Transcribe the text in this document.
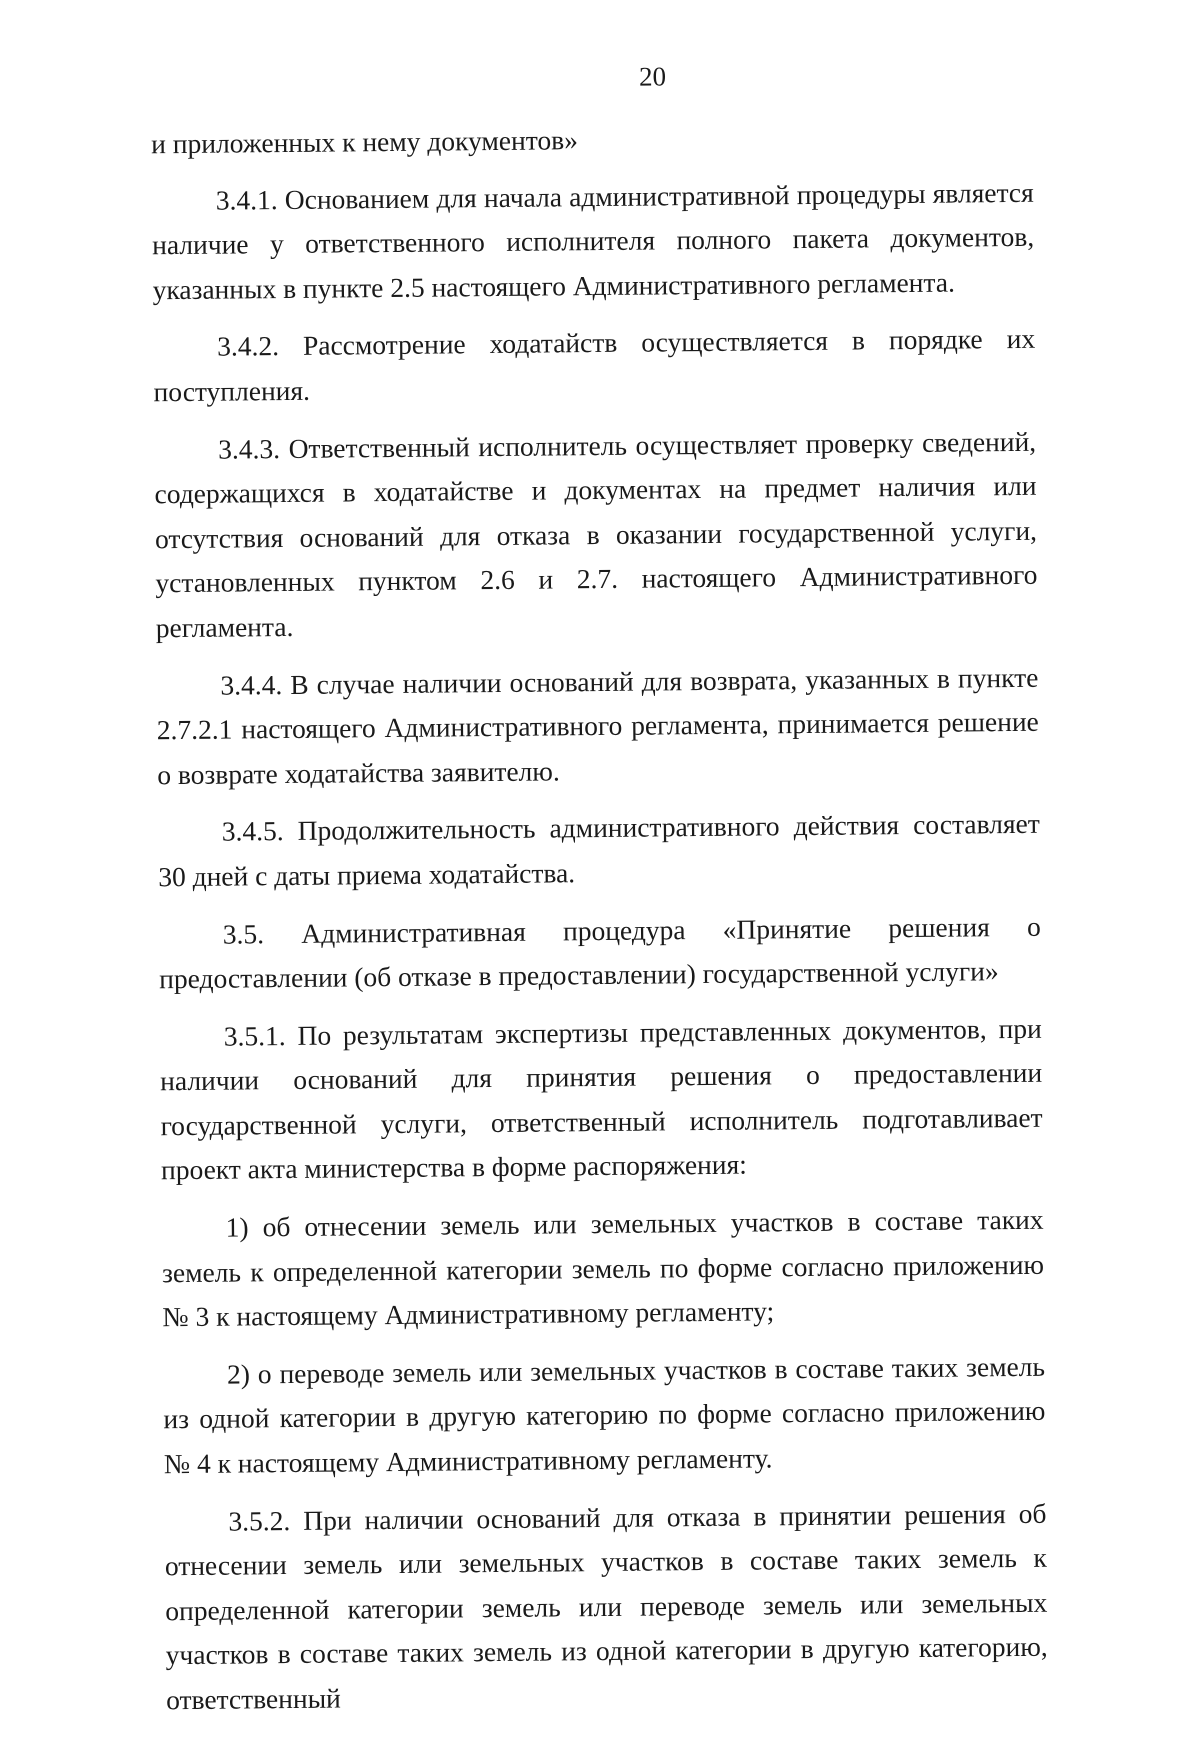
20

и приложенных к нему документов»

3.4.1. Основанием для начала административной процедуры является наличие у ответственного исполнителя полного пакета документов, указанных в пункте 2.5 настоящего Административного регламента.

3.4.2. Рассмотрение ходатайств осуществляется в порядке их поступления.

3.4.3. Ответственный исполнитель осуществляет проверку сведений, содержащихся в ходатайстве и документах на предмет наличия или отсутствия оснований для отказа в оказании государственной услуги, установленных пунктом 2.6 и 2.7. настоящего Административного регламента.

3.4.4. В случае наличии оснований для возврата, указанных в пункте 2.7.2.1 настоящего Административного регламента, принимается решение о возврате ходатайства заявителю.

3.4.5. Продолжительность административного действия составляет 30 дней с даты приема ходатайства.

3.5. Административная процедура «Принятие решения о предоставлении (об отказе в предоставлении) государственной услуги»

3.5.1. По результатам экспертизы представленных документов, при наличии оснований для принятия решения о предоставлении государственной услуги, ответственный исполнитель подготавливает проект акта министерства в форме распоряжения:

1) об отнесении земель или земельных участков в составе таких земель к определенной категории земель по форме согласно приложению № 3 к настоящему Административному регламенту;

2) о переводе земель или земельных участков в составе таких земель из одной категории в другую категорию по форме согласно приложению № 4 к настоящему Административному регламенту.

3.5.2. При наличии оснований для отказа в принятии решения об отнесении земель или земельных участков в составе таких земель к определенной категории земель или переводе земель или земельных участков в составе таких земель из одной категории в другую категорию, ответственный
